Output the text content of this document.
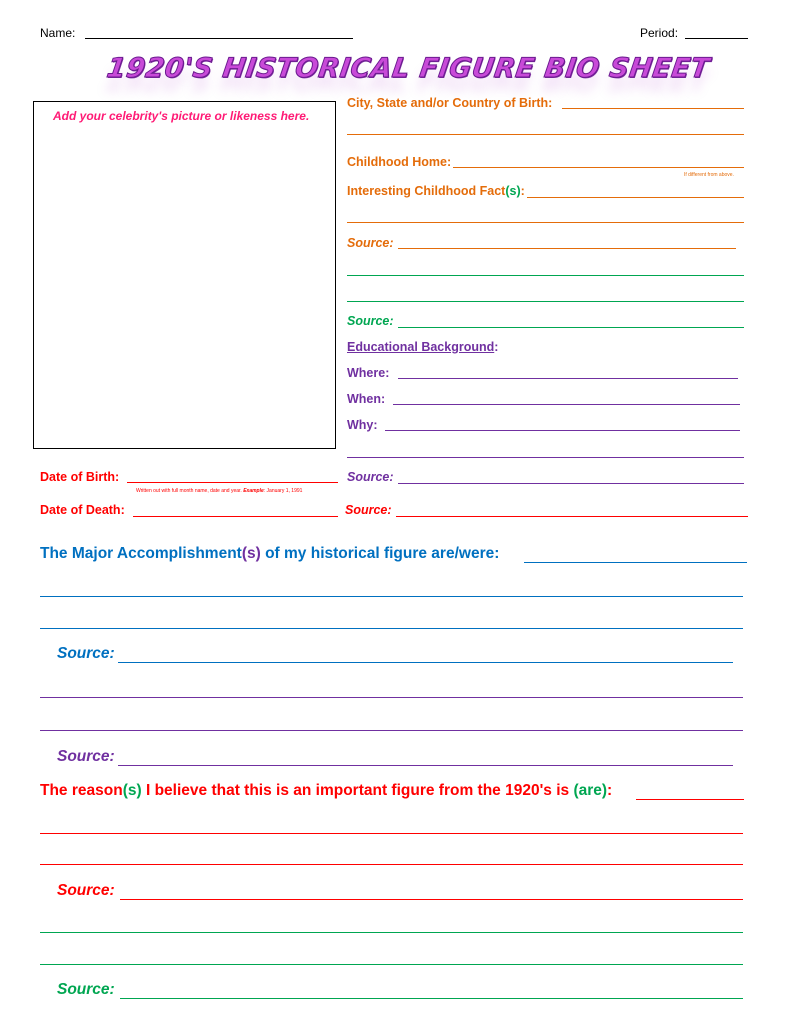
Name:	Period:
1920'S HISTORICAL FIGURE BIO SHEET
Add your celebrity's picture or likeness here.
City, State and/or Country of Birth:
Childhood Home:
If different from above.
Interesting Childhood Fact(s):
Source:
Source:
Educational Background:
Where:
When:
Why:
Source:
Date of Birth:
Written out with full month name, date and year. Example: January 1, 1991
Date of Death:	Source:
The Major Accomplishment(s) of my historical figure are/were:
Source:
Source:
The reason(s) I believe that this is an important figure from the 1920's is (are):
Source:
Source:
